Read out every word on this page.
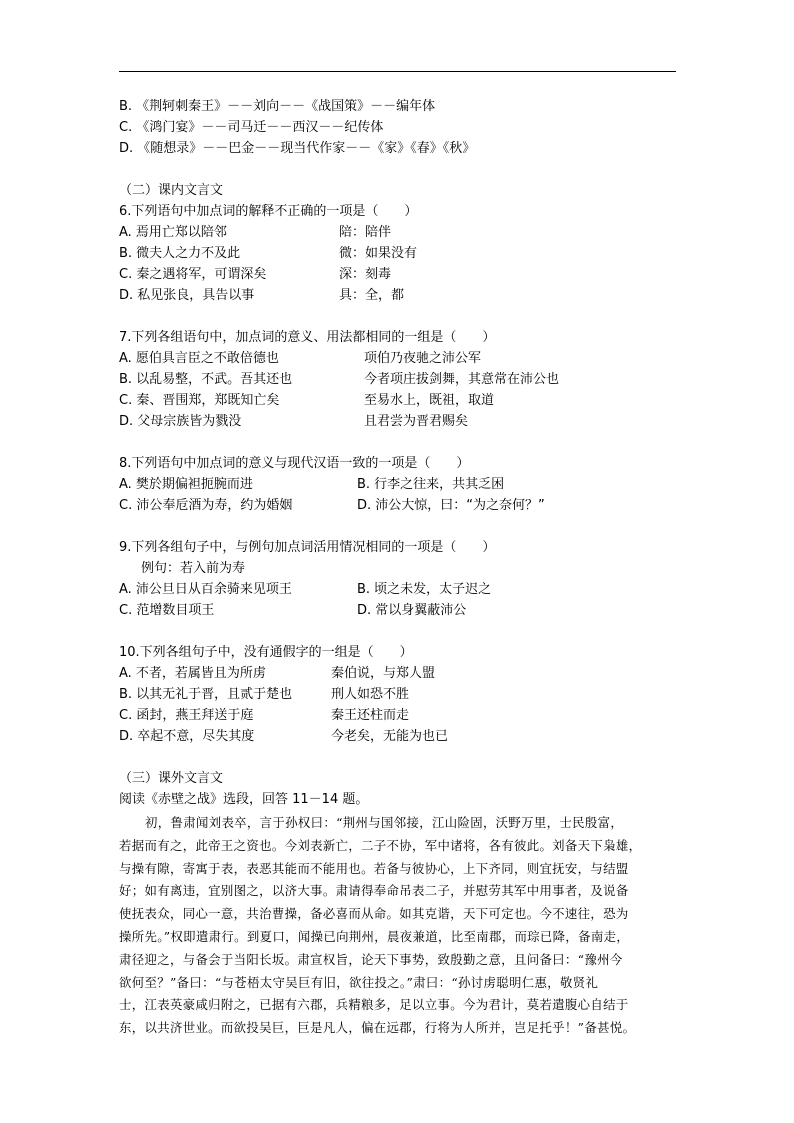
B. 《荆轲刺秦王》－－刘向－－《战国策》－－编年体
C. 《鸿门宴》－－司马迁－－西汉－－纪传体
D. 《随想录》－－巴金－－现当代作家－－《家》《春》《秋》
（二）课内文言文
6.下列语句中加点词的解释不正确的一项是（　　）
A. 焉用亡郑以陪邻	陪：陪伴
B. 微夫人之力不及此	微：如果没有
C. 秦之遇将军，可谓深矣	深：刻毒
D. 私见张良，具告以事	具：全，都
7.下列各组语句中，加点词的意义、用法都相同的一组是（　　）
A. 愿伯具言臣之不敢倍德也	项伯乃夜驰之沛公军
B. 以乱易整，不武。吾其还也	今者项庄拔剑舞，其意常在沛公也
C. 秦、晋围郑，郑既知亡矣	至易水上，既祖，取道
D. 父母宗族皆为戮没	且君尝为晋君赐矣
8.下列语句中加点词的意义与现代汉语一致的一项是（　　）
A. 樊於期偏袒扼腕而进	B. 行李之往来，共其乏困
C. 沛公奉卮酒为寿，约为婚姻	D. 沛公大惊，曰：“为之奈何？”
9.下列各组句子中，与例句加点词活用情况相同的一项是（　　）
例句：若入前为寿
A. 沛公旦日从百余骑来见项王	B. 顷之未发，太子迟之
C. 范增数目项王	D. 常以身翼蔽沛公
10.下列各组句子中，没有通假字的一组是（　　）
A. 不者，若属皆且为所虏	秦伯说，与郑人盟
B. 以其无礼于晋，且贰于楚也	刑人如恐不胜
C. 函封，燕王拜送于庭	秦王还柱而走
D. 卒起不意，尽失其度	今老矣，无能为也已
（三）课外文言文
阅读《赤壁之战》选段，回答 11－14 题。
初，鲁肃闻刘表卒，言于孙权曰：“荆州与国邻接，江山险固，沃野万里，士民殷富，
若据而有之，此帝王之资也。今刘表新亡，二子不协，军中诸将，各有彼此。刘备天下枭雄，
与操有隙，寄寓于表，表恶其能而不能用也。若备与彼协心，上下齐同，则宜抚安，与结盟
好；如有离违，宜别图之，以济大事。肃请得奉命吊表二子，并慰劳其军中用事者，及说备
使抚表众，同心一意，共治曹操，备必喜而从命。如其克谐，天下可定也。今不速往，恐为
操所先。”权即遣肃行。到夏口，闻操已向荆州，晨夜兼道，比至南郡，而琮已降，备南走，
肃径迎之，与备会于当阳长坂。肃宣权旨，论天下事势，致殷勤之意，且问备曰：“豫州今
欲何至？”备曰：“与苍梧太守吴巨有旧，欲往投之。”肃曰：“孙讨虏聪明仁惠，敬贤礼
士，江表英豪咸归附之，已据有六郡，兵精粮多，足以立事。今为君计，莫若遣腹心自结于
东，以共济世业。而欲投吴巨，巨是凡人，偏在远郡，行将为人所并，岂足托乎！”备甚悦。
